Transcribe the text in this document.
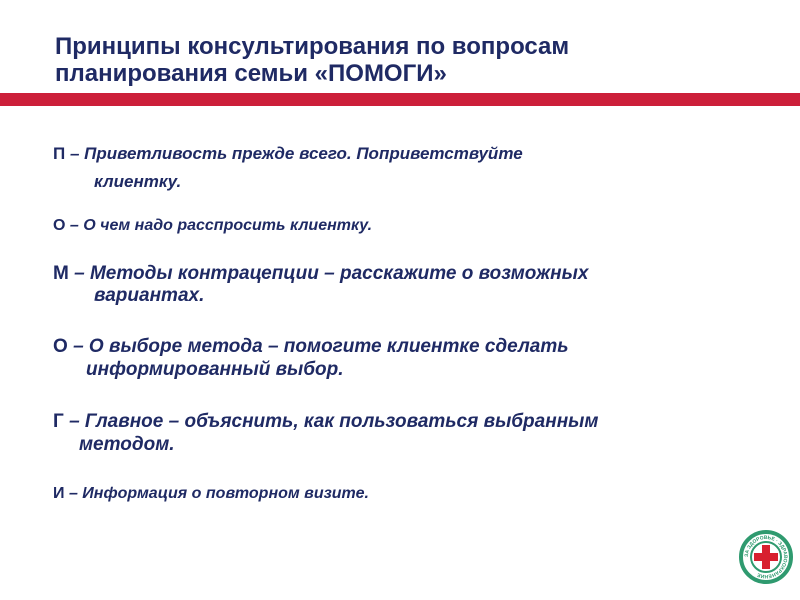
Принципы консультирования по вопросам
планирования семьи «ПОМОГИ»
П – Приветливость прежде всего. Поприветствуйте
клиентку.
О – О чем надо расспросить клиентку.
М – Методы контрацепции – расскажите о возможных
вариантах.
О – О выборе метода – помогите клиентке сделать
информированный выбор.
Г – Главное – объяснить, как пользоваться выбранным
методом.
И – Информация о повторном визите.
ЗА ЗДОРОВЬЕ · ЗДРАВООХРАНЕНИЕ
